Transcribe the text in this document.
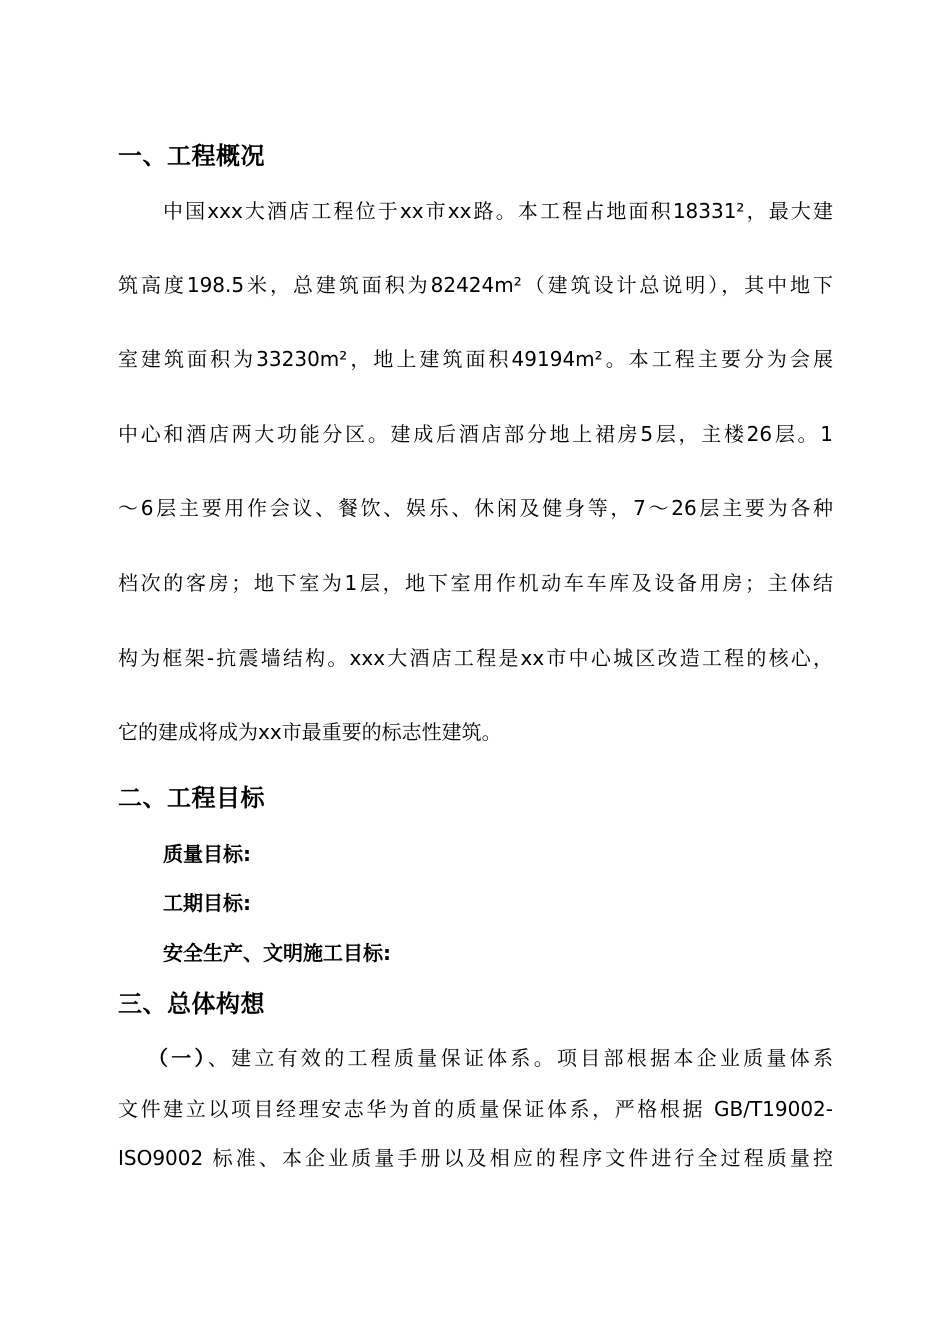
一、工程概况
中国xxx大酒店工程位于xx市xx路。本工程占地面积18331²，最大建
筑高度198.5米，总建筑面积为82424m²（建筑设计总说明），其中地下
室建筑面积为33230m²，地上建筑面积49194m²。本工程主要分为会展
中心和酒店两大功能分区。建成后酒店部分地上裙房5层，主楼26层。1
～6层主要用作会议、餐饮、娱乐、休闲及健身等，7～26层主要为各种
档次的客房；地下室为1层，地下室用作机动车车库及设备用房；主体结
构为框架-抗震墙结构。xxx大酒店工程是xx市中心城区改造工程的核心，
它的建成将成为xx市最重要的标志性建筑。
二、工程目标
质量目标:
工期目标:
安全生产、文明施工目标:
三、总体构想
（一）、建立有效的工程质量保证体系。项目部根据本企业质量体系
文件建立以项目经理安志华为首的质量保证体系，严格根据 GB/T19002-
ISO9002 标准、本企业质量手册以及相应的程序文件进行全过程质量控
